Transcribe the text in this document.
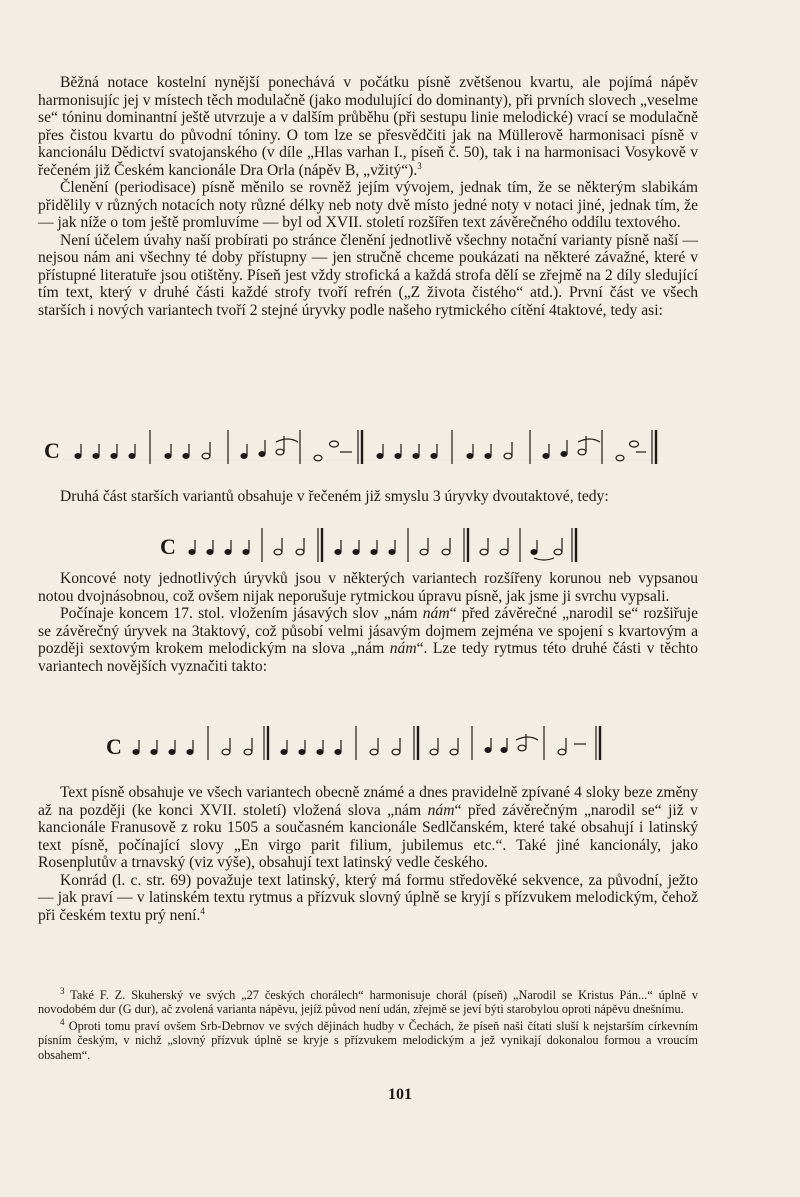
Běžná notace kostelní nynější ponechává v počátku písně zvětšenou kvartu, ale pojímá nápěv harmonisujíc jej v místech těch modulačně (jako modulující do dominanty), při prvních slovech „veselme se“ tóninu dominantní ještě utvrzuje a v dalším průběhu (při sestupu linie melodické) vrací se modulačně přes čistou kvartu do původní tóniny. O tom lze se přesvědčiti jak na Müllerově harmonisaci písně v kancionálu Dědictví svatojanského (v díle „Hlas varhan I., píseň č. 50), tak i na harmonisaci Vosykově v řečeném již Českém kancionále Dra Orla (nápěv B, „vžitý“).$^3$

Členění (periodisace) písně měnilo se rovněž jejím vývojem, jednak tím, že se některým slabikám přidělily v různých notacích noty různé délky neb noty dvě místo jedné noty v notaci jiné, jednak tím, že — jak níže o tom ještě promluvíme — byl od XVII. století rozšířen text závěrečného oddílu textového.

Není účelem úvahy naší probírati po stránce členění jednotlivě všechny notační varianty písně naší — nejsou nám ani všechny té doby přístupny — jen stručně chceme poukázati na některé závažné, které v přístupné literatuře jsou otištěny. Píseň jest vždy strofická a každá strofa dělí se zřejmě na 2 díly sledující tím text, který v druhé části každé strofy tvoří refrén („Z života čistého“ atd.). První část ve všech starších i nových variantech tvoří 2 stejné úryvky podle našeho rytmického cítění 4taktové, tedy asi:

C

Druhá část starších variantů obsahuje v řečeném již smyslu 3 úryvky dvoutaktové, tedy:

C

Koncové noty jednotlivých úryvků jsou v některých variantech rozšířeny korunou neb vypsanou notou dvojnásobnou, což ovšem nijak neporušuje rytmickou úpravu písně, jak jsme ji svrchu vypsali.

Počínaje koncem 17. stol. vložením jásavých slov „nám nám“ před závěrečné „narodil se“ rozšiřuje se závěrečný úryvek na 3taktový, což působí velmi jásavým dojmem zejména ve spojení s kvartovým a později sextovým krokem melodickým na slova „nám nám“. Lze tedy rytmus této druhé části v těchto variantech novějších vyznačiti takto:

C

Text písně obsahuje ve všech variantech obecně známé a dnes pravidelně zpívané 4 sloky beze změny až na později (ke konci XVII. století) vložená slova „nám nám“ před závěrečným „narodil se“ již v kancionále Franusově z roku 1505 a současném kancionále Sedlčanském, které také obsahují i latinský text písně, počínající slovy „En virgo parit filium, jubilemus etc.“. Také jiné kancionály, jako Rosenplutův a trnavský (viz výše), obsahují text latinský vedle českého.

Konrád (l. c. str. 69) považuje text latinský, který má formu středověké sekvence, za původní, ježto — jak praví — v latinském textu rytmus a přízvuk slovný úplně se kryjí s přízvukem melodickým, čehož při českém textu prý není.$^4$

$^3$ Také F. Z. Skuherský ve svých „27 českých chorálech“ harmonisuje chorál (píseň) „Narodil se Kristus Pán...“ úplně v novodobém dur (G dur), ač zvolená varianta nápěvu, jejíž původ není udán, zřejmě se jeví býti starobylou oproti nápěvu dnešnímu.

$^4$ Oproti tomu praví ovšem Srb-Debrnov ve svých dějinách hudby v Čechách, že píseň naši čítati sluší k nejstarším církevním písním českým, v nichž „slovný přízvuk úplně se kryje s přízvukem melodickým a jež vynikají dokonalou formou a vroucím obsahem“.

101
